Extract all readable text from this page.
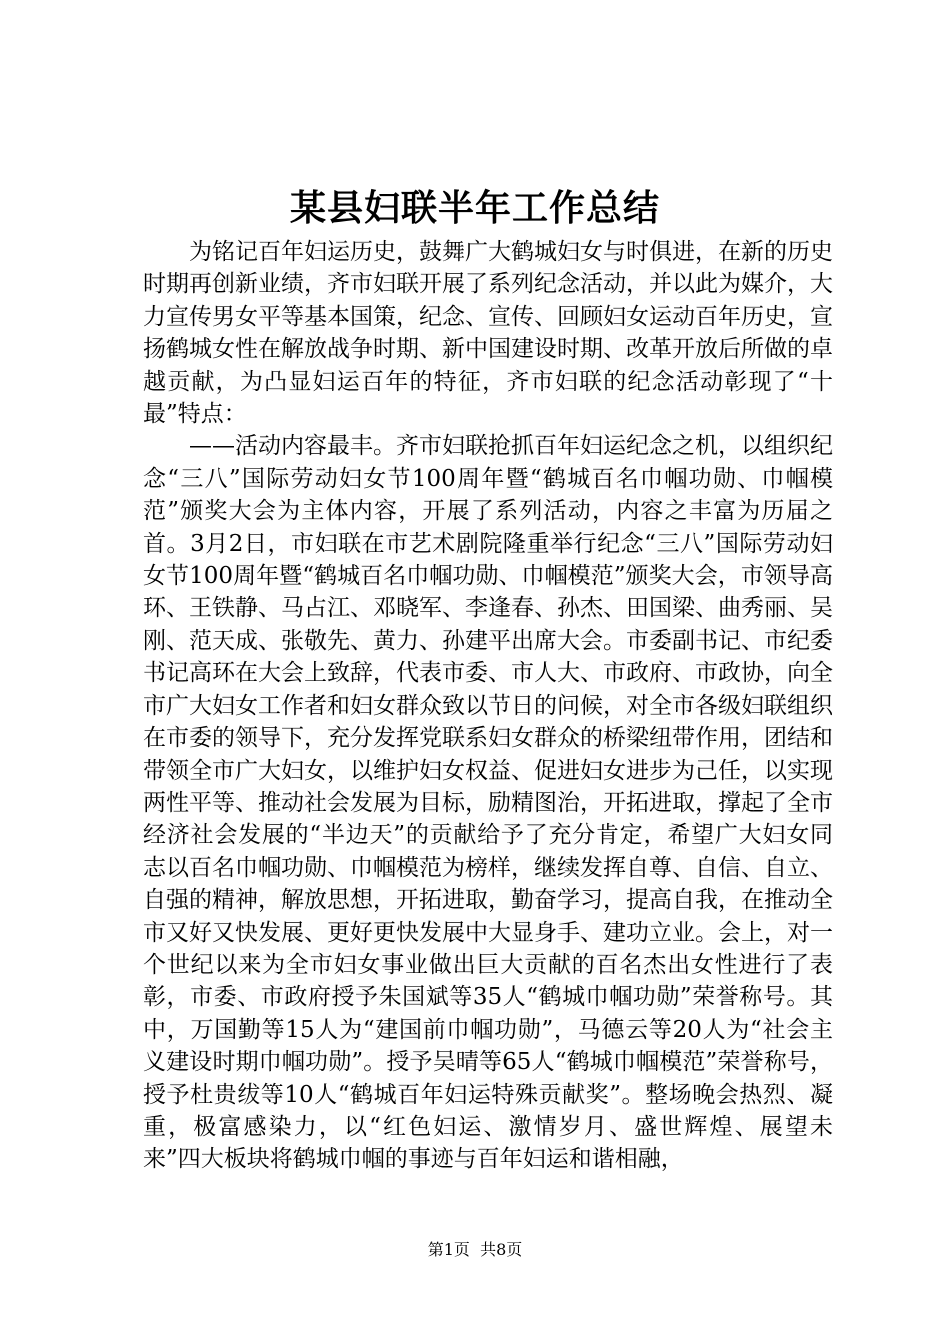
某县妇联半年工作总结

为铭记百年妇运历史，鼓舞广大鹤城妇女与时俱进，在新的历史时期再创新业绩，齐市妇联开展了系列纪念活动，并以此为媒介，大力宣传男女平等基本国策，纪念、宣传、回顾妇女运动百年历史，宣扬鹤城女性在解放战争时期、新中国建设时期、改革开放后所做的卓越贡献，为凸显妇运百年的特征，齐市妇联的纪念活动彰现了“十最”特点：

——活动内容最丰。齐市妇联抢抓百年妇运纪念之机，以组织纪念“三八”国际劳动妇女节100周年暨“鹤城百名巾帼功勋、巾帼模范”颁奖大会为主体内容，开展了系列活动，内容之丰富为历届之首。3月2日，市妇联在市艺术剧院隆重举行纪念“三八”国际劳动妇女节100周年暨“鹤城百名巾帼功勋、巾帼模范”颁奖大会，市领导高环、王铁静、马占江、邓晓军、李逢春、孙杰、田国梁、曲秀丽、吴刚、范天成、张敬先、黄力、孙建平出席大会。市委副书记、市纪委书记高环在大会上致辞，代表市委、市人大、市政府、市政协，向全市广大妇女工作者和妇女群众致以节日的问候，对全市各级妇联组织在市委的领导下，充分发挥党联系妇女群众的桥梁纽带作用，团结和带领全市广大妇女，以维护妇女权益、促进妇女进步为己任，以实现两性平等、推动社会发展为目标，励精图治，开拓进取，撑起了全市经济社会发展的“半边天”的贡献给予了充分肯定，希望广大妇女同志以百名巾帼功勋、巾帼模范为榜样，继续发挥自尊、自信、自立、自强的精神，解放思想，开拓进取，勤奋学习，提高自我，在推动全市又好又快发展、更好更快发展中大显身手、建功立业。会上，对一个世纪以来为全市妇女事业做出巨大贡献的百名杰出女性进行了表彰，市委、市政府授予朱国斌等35人“鹤城巾帼功勋”荣誉称号。其中，万国勤等15人为“建国前巾帼功勋”，马德云等20人为“社会主义建设时期巾帼功勋”。授予吴晴等65人“鹤城巾帼模范”荣誉称号，授予杜贵绂等10人“鹤城百年妇运特殊贡献奖”。整场晚会热烈、凝重，极富感染力，以“红色妇运、激情岁月、盛世辉煌、展望未来”四大板块将鹤城巾帼的事迹与百年妇运和谐相融，

第1页 共8页
